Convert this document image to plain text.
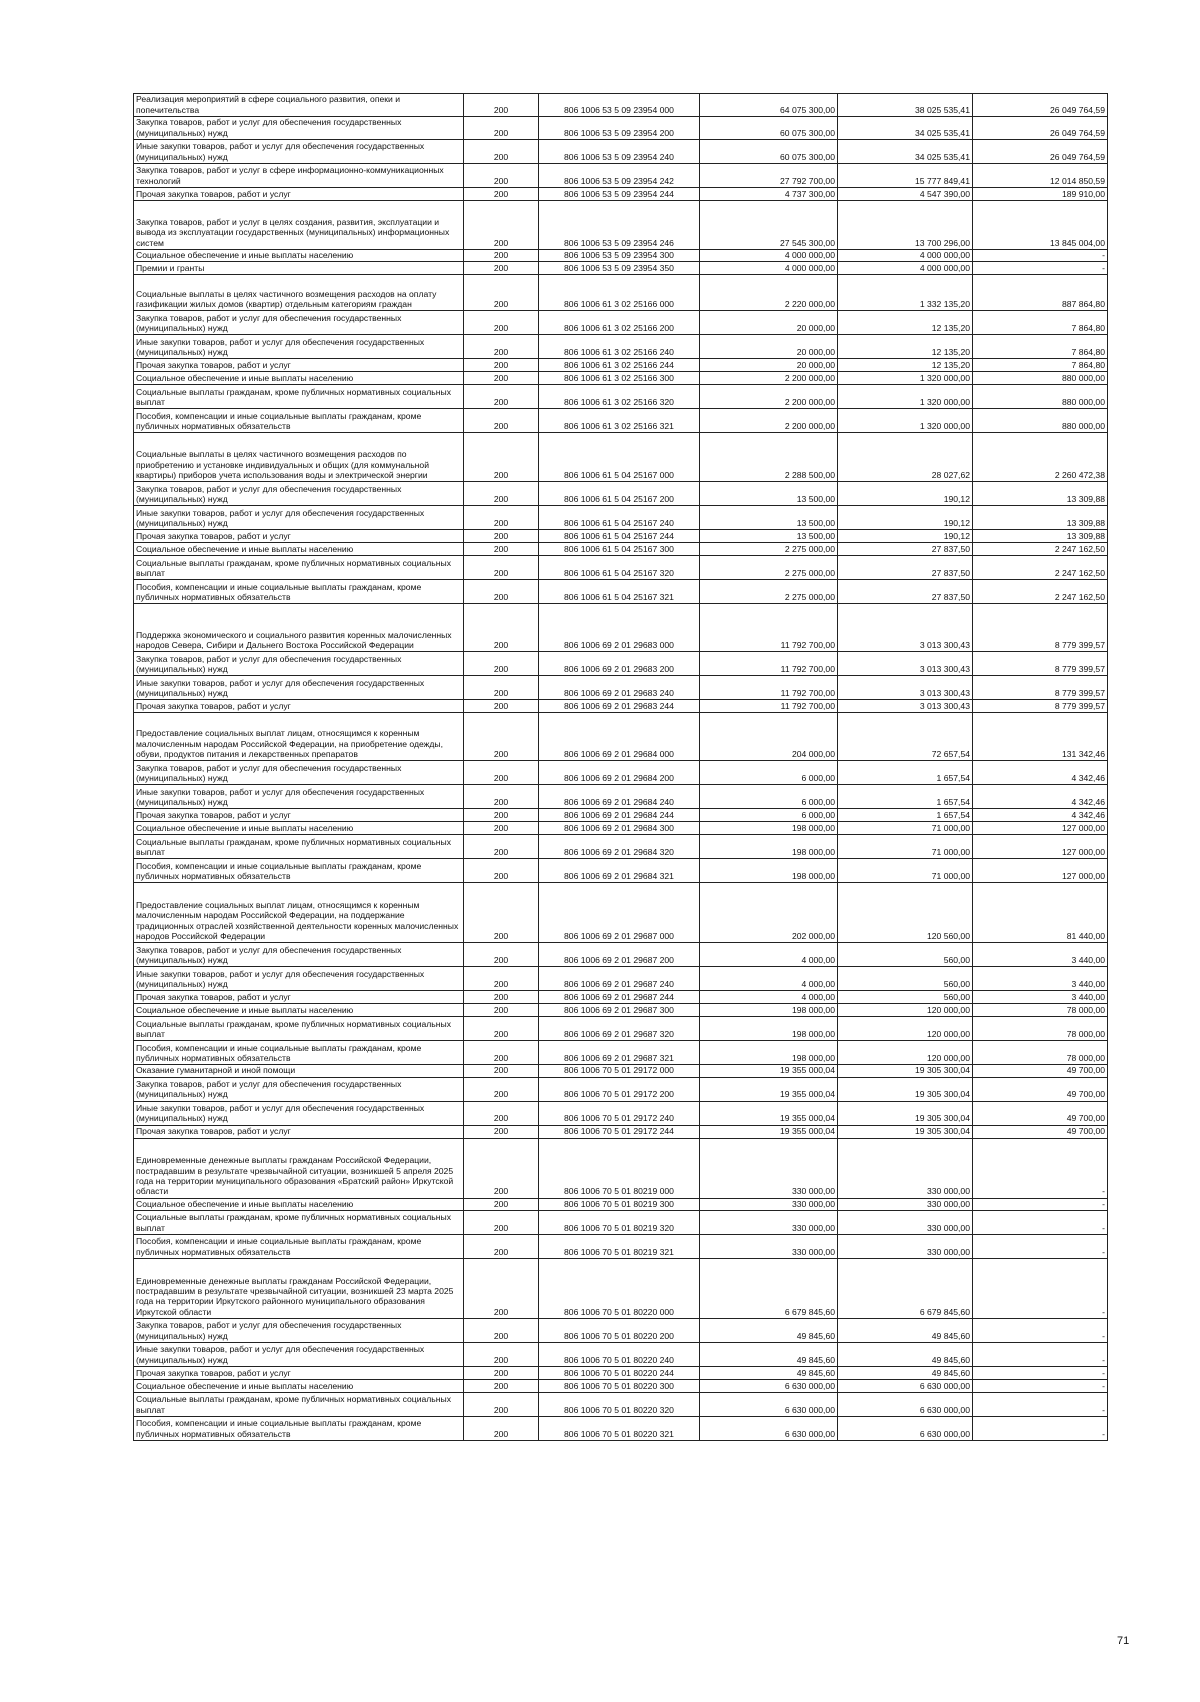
Реализация мероприятий в сфере социального развития, опеки и попечительства	200	806 1006 53 5 09 23954 000	64 075 300,00	38 025 535,41	26 049 764,59
Закупка товаров, работ и услуг для обеспечения государственных (муниципальных) нужд	200	806 1006 53 5 09 23954 200	60 075 300,00	34 025 535,41	26 049 764,59
Иные закупки товаров, работ и услуг для обеспечения государственных (муниципальных) нужд	200	806 1006 53 5 09 23954 240	60 075 300,00	34 025 535,41	26 049 764,59
Закупка товаров, работ и услуг в сфере информационно-коммуникационных технологий	200	806 1006 53 5 09 23954 242	27 792 700,00	15 777 849,41	12 014 850,59
Прочая закупка товаров, работ и услуг	200	806 1006 53 5 09 23954 244	4 737 300,00	4 547 390,00	189 910,00
Закупка товаров, работ и услуг в целях создания, развития, эксплуатации и вывода из эксплуатации государственных (муниципальных) информационных систем	200	806 1006 53 5 09 23954 246	27 545 300,00	13 700 296,00	13 845 004,00
Социальное обеспечение и иные выплаты населению	200	806 1006 53 5 09 23954 300	4 000 000,00	4 000 000,00	-
Премии и гранты	200	806 1006 53 5 09 23954 350	4 000 000,00	4 000 000,00	-
Социальные выплаты в целях частичного возмещения расходов на оплату газификации жилых домов (квартир) отдельным категориям граждан	200	806 1006 61 3 02 25166 000	2 220 000,00	1 332 135,20	887 864,80
Закупка товаров, работ и услуг для обеспечения государственных (муниципальных) нужд	200	806 1006 61 3 02 25166 200	20 000,00	12 135,20	7 864,80
Иные закупки товаров, работ и услуг для обеспечения государственных (муниципальных) нужд	200	806 1006 61 3 02 25166 240	20 000,00	12 135,20	7 864,80
Прочая закупка товаров, работ и услуг	200	806 1006 61 3 02 25166 244	20 000,00	12 135,20	7 864,80
Социальное обеспечение и иные выплаты населению	200	806 1006 61 3 02 25166 300	2 200 000,00	1 320 000,00	880 000,00
Социальные выплаты гражданам, кроме публичных нормативных социальных выплат	200	806 1006 61 3 02 25166 320	2 200 000,00	1 320 000,00	880 000,00
Пособия, компенсации и иные социальные выплаты гражданам, кроме публичных нормативных обязательств	200	806 1006 61 3 02 25166 321	2 200 000,00	1 320 000,00	880 000,00
Социальные выплаты в целях частичного возмещения расходов по приобретению и установке индивидуальных и общих (для коммунальной квартиры) приборов учета использования воды и электрической энергии	200	806 1006 61 5 04 25167 000	2 288 500,00	28 027,62	2 260 472,38
Закупка товаров, работ и услуг для обеспечения государственных (муниципальных) нужд	200	806 1006 61 5 04 25167 200	13 500,00	190,12	13 309,88
Иные закупки товаров, работ и услуг для обеспечения государственных (муниципальных) нужд	200	806 1006 61 5 04 25167 240	13 500,00	190,12	13 309,88
Прочая закупка товаров, работ и услуг	200	806 1006 61 5 04 25167 244	13 500,00	190,12	13 309,88
Социальное обеспечение и иные выплаты населению	200	806 1006 61 5 04 25167 300	2 275 000,00	27 837,50	2 247 162,50
Социальные выплаты гражданам, кроме публичных нормативных социальных выплат	200	806 1006 61 5 04 25167 320	2 275 000,00	27 837,50	2 247 162,50
Пособия, компенсации и иные социальные выплаты гражданам, кроме публичных нормативных обязательств	200	806 1006 61 5 04 25167 321	2 275 000,00	27 837,50	2 247 162,50
Поддержка экономического и социального развития коренных малочисленных народов Севера, Сибири и Дальнего Востока Российской Федерации	200	806 1006 69 2 01 29683 000	11 792 700,00	3 013 300,43	8 779 399,57
Закупка товаров, работ и услуг для обеспечения государственных (муниципальных) нужд	200	806 1006 69 2 01 29683 200	11 792 700,00	3 013 300,43	8 779 399,57
Иные закупки товаров, работ и услуг для обеспечения государственных (муниципальных) нужд	200	806 1006 69 2 01 29683 240	11 792 700,00	3 013 300,43	8 779 399,57
Прочая закупка товаров, работ и услуг	200	806 1006 69 2 01 29683 244	11 792 700,00	3 013 300,43	8 779 399,57
Предоставление социальных выплат лицам, относящимся к коренным малочисленным народам Российской Федерации, на приобретение одежды, обуви, продуктов питания и лекарственных препаратов	200	806 1006 69 2 01 29684 000	204 000,00	72 657,54	131 342,46
Закупка товаров, работ и услуг для обеспечения государственных (муниципальных) нужд	200	806 1006 69 2 01 29684 200	6 000,00	1 657,54	4 342,46
Иные закупки товаров, работ и услуг для обеспечения государственных (муниципальных) нужд	200	806 1006 69 2 01 29684 240	6 000,00	1 657,54	4 342,46
Прочая закупка товаров, работ и услуг	200	806 1006 69 2 01 29684 244	6 000,00	1 657,54	4 342,46
Социальное обеспечение и иные выплаты населению	200	806 1006 69 2 01 29684 300	198 000,00	71 000,00	127 000,00
Социальные выплаты гражданам, кроме публичных нормативных социальных выплат	200	806 1006 69 2 01 29684 320	198 000,00	71 000,00	127 000,00
Пособия, компенсации и иные социальные выплаты гражданам, кроме публичных нормативных обязательств	200	806 1006 69 2 01 29684 321	198 000,00	71 000,00	127 000,00
Предоставление социальных выплат лицам, относящимся к коренным малочисленным народам Российской Федерации, на поддержание традиционных отраслей хозяйственной деятельности коренных малочисленных народов Российской Федерации	200	806 1006 69 2 01 29687 000	202 000,00	120 560,00	81 440,00
Закупка товаров, работ и услуг для обеспечения государственных (муниципальных) нужд	200	806 1006 69 2 01 29687 200	4 000,00	560,00	3 440,00
Иные закупки товаров, работ и услуг для обеспечения государственных (муниципальных) нужд	200	806 1006 69 2 01 29687 240	4 000,00	560,00	3 440,00
Прочая закупка товаров, работ и услуг	200	806 1006 69 2 01 29687 244	4 000,00	560,00	3 440,00
Социальное обеспечение и иные выплаты населению	200	806 1006 69 2 01 29687 300	198 000,00	120 000,00	78 000,00
Социальные выплаты гражданам, кроме публичных нормативных социальных выплат	200	806 1006 69 2 01 29687 320	198 000,00	120 000,00	78 000,00
Пособия, компенсации и иные социальные выплаты гражданам, кроме публичных нормативных обязательств	200	806 1006 69 2 01 29687 321	198 000,00	120 000,00	78 000,00
Оказание гуманитарной и иной помощи	200	806 1006 70 5 01 29172 000	19 355 000,04	19 305 300,04	49 700,00
Закупка товаров, работ и услуг для обеспечения государственных (муниципальных) нужд	200	806 1006 70 5 01 29172 200	19 355 000,04	19 305 300,04	49 700,00
Иные закупки товаров, работ и услуг для обеспечения государственных (муниципальных) нужд	200	806 1006 70 5 01 29172 240	19 355 000,04	19 305 300,04	49 700,00
Прочая закупка товаров, работ и услуг	200	806 1006 70 5 01 29172 244	19 355 000,04	19 305 300,04	49 700,00
Единовременные денежные выплаты гражданам Российской Федерации, пострадавшим в результате чрезвычайной ситуации, возникшей 5 апреля 2025 года на территории муниципального образования «Братский район» Иркутской области	200	806 1006 70 5 01 80219 000	330 000,00	330 000,00	-
Социальное обеспечение и иные выплаты населению	200	806 1006 70 5 01 80219 300	330 000,00	330 000,00	-
Социальные выплаты гражданам, кроме публичных нормативных социальных выплат	200	806 1006 70 5 01 80219 320	330 000,00	330 000,00	-
Пособия, компенсации и иные социальные выплаты гражданам, кроме публичных нормативных обязательств	200	806 1006 70 5 01 80219 321	330 000,00	330 000,00	-
Единовременные денежные выплаты гражданам Российской Федерации, пострадавшим в результате чрезвычайной ситуации, возникшей 23 марта 2025 года на территории Иркутского районного муниципального образования Иркутской области	200	806 1006 70 5 01 80220 000	6 679 845,60	6 679 845,60	-
Закупка товаров, работ и услуг для обеспечения государственных (муниципальных) нужд	200	806 1006 70 5 01 80220 200	49 845,60	49 845,60	-
Иные закупки товаров, работ и услуг для обеспечения государственных (муниципальных) нужд	200	806 1006 70 5 01 80220 240	49 845,60	49 845,60	-
Прочая закупка товаров, работ и услуг	200	806 1006 70 5 01 80220 244	49 845,60	49 845,60	-
Социальное обеспечение и иные выплаты населению	200	806 1006 70 5 01 80220 300	6 630 000,00	6 630 000,00	-
Социальные выплаты гражданам, кроме публичных нормативных социальных выплат	200	806 1006 70 5 01 80220 320	6 630 000,00	6 630 000,00	-
Пособия, компенсации и иные социальные выплаты гражданам, кроме публичных нормативных обязательств	200	806 1006 70 5 01 80220 321	6 630 000,00	6 630 000,00	-
71
